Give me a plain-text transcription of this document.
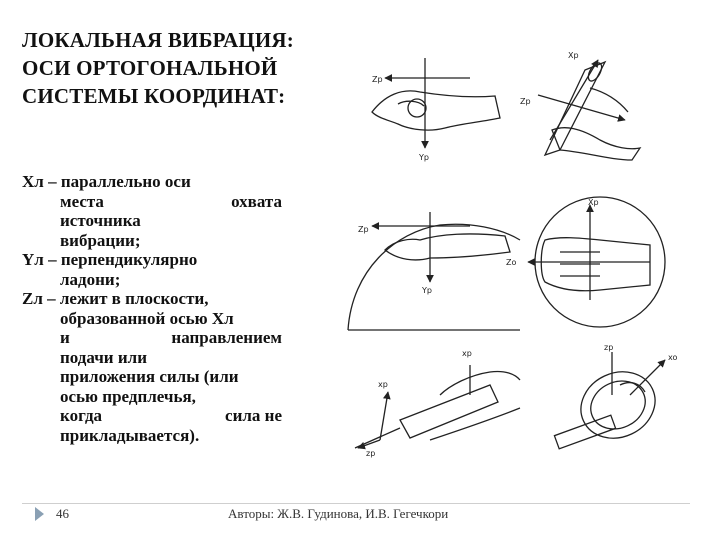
ЛОКАЛЬНАЯ ВИБРАЦИЯ:
ОСИ ОРТОГОНАЛЬНОЙ
СИСТЕМЫ КООРДИНАТ:
Хл – параллельно оси
места	охвата
источника
вибрации;
Yл – перпендикулярно
ладони;
Zл – лежит в плоскости,
образованной осью Хл
и	направлением
подачи или
приложения силы (или
осью предплечья,
когда	сила не
прикладывается).
Zp
Yp
Xp
Zp
Zp
Yp
Xp
Zo
xp
xp
zp
zp
xo
46	Авторы: Ж.В. Гудинова, И.В. Гегечкори
